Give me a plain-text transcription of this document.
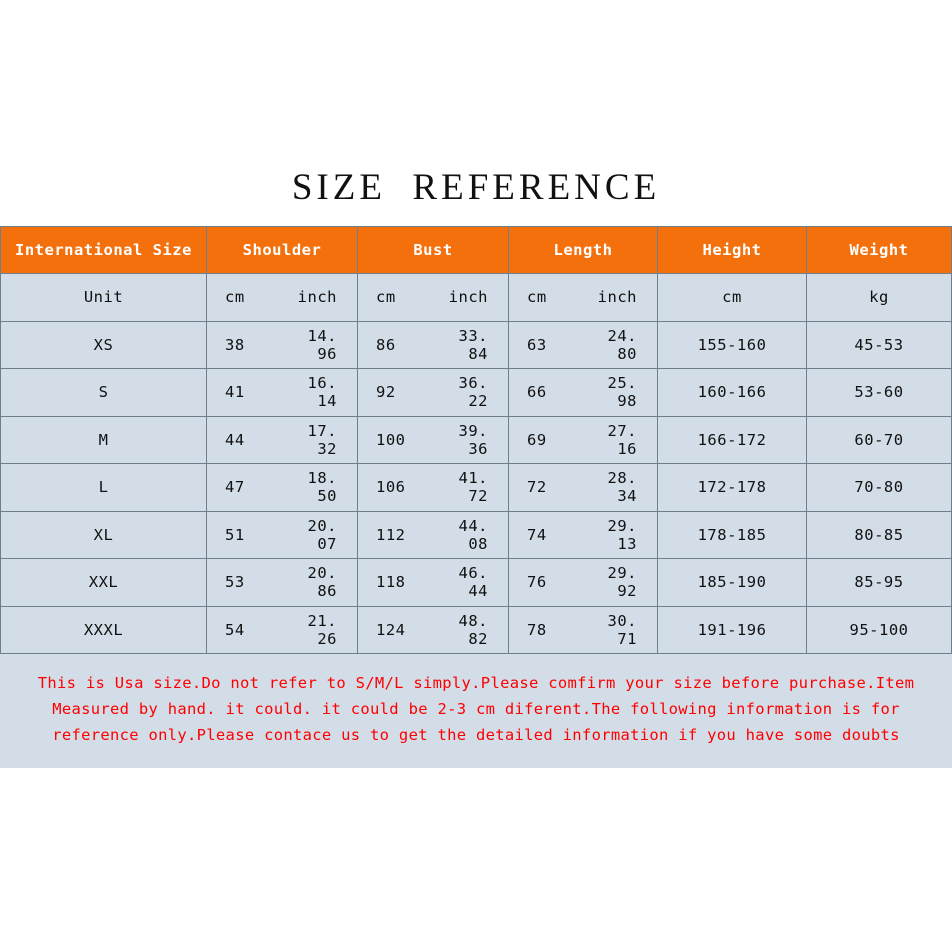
SIZE  REFERENCE
International Size	Shoulder	Bust	Length	Height	Weight
Unit	cm inch	cm inch	cm inch	cm	kg
XS	38 14. 96	86 33. 84	63 24. 80	155-160	45-53
S	41 16. 14	92 36. 22	66 25. 98	160-166	53-60
M	44 17. 32	100 39. 36	69 27. 16	166-172	60-70
L	47 18. 50	106 41. 72	72 28. 34	172-178	70-80
XL	51 20. 07	112 44. 08	74 29. 13	178-185	80-85
XXL	53 20. 86	118 46. 44	76 29. 92	185-190	85-95
XXXL	54 21. 26	124 48. 82	78 30. 71	191-196	95-100

This is Usa size.Do not refer to S/M/L simply.Please comfirm your size before purchase.Item

Measured by hand. it could. it could be 2-3 cm diferent.The following information is for

reference only.Please contace us to get the detailed information if you have some doubts
